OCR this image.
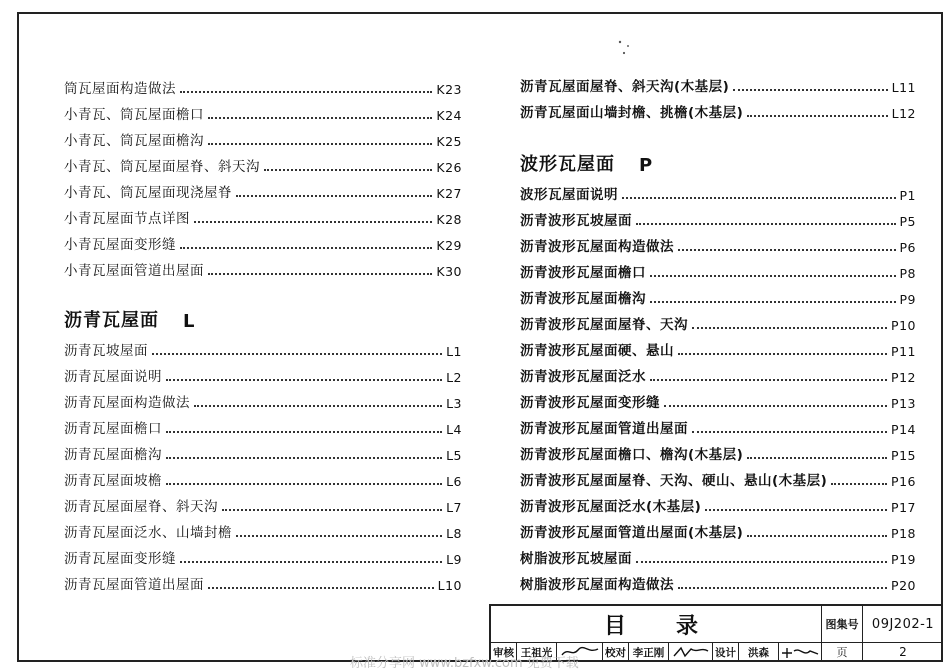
筒瓦屋面构造做法	K23
小青瓦、筒瓦屋面檐口	K24
小青瓦、筒瓦屋面檐沟	K25
小青瓦、筒瓦屋面屋脊、斜天沟	K26
小青瓦、筒瓦屋面现浇屋脊	K27
小青瓦屋面节点详图	K28
小青瓦屋面变形缝	K29
小青瓦屋面管道出屋面	K30
沥青瓦屋面 L
沥青瓦坡屋面	L1
沥青瓦屋面说明	L2
沥青瓦屋面构造做法	L3
沥青瓦屋面檐口	L4
沥青瓦屋面檐沟	L5
沥青瓦屋面坡檐	L6
沥青瓦屋面屋脊、斜天沟	L7
沥青瓦屋面泛水、山墙封檐	L8
沥青瓦屋面变形缝	L9
沥青瓦屋面管道出屋面	L10
沥青瓦屋面屋脊、斜天沟(木基层)	L11
沥青瓦屋面山墙封檐、挑檐(木基层)	L12
波形瓦屋面 P
波形瓦屋面说明	P1
沥青波形瓦坡屋面	P5
沥青波形瓦屋面构造做法	P6
沥青波形瓦屋面檐口	P8
沥青波形瓦屋面檐沟	P9
沥青波形瓦屋面屋脊、天沟	P10
沥青波形瓦屋面硬、悬山	P11
沥青波形瓦屋面泛水	P12
沥青波形瓦屋面变形缝	P13
沥青波形瓦屋面管道出屋面	P14
沥青波形瓦屋面檐口、檐沟(木基层)	P15
沥青波形瓦屋面屋脊、天沟、硬山、悬山(木基层)	P16
沥青波形瓦屋面泛水(木基层)	P17
沥青波形瓦屋面管道出屋面(木基层)	P18
树脂波形瓦坡屋面	P19
树脂波形瓦屋面构造做法	P20
目录	图集号	09J202-1
审核 王祖光	校对 李正刚	设计	洪森	页	2
标准分享网 www.bzfxw.com 免费下载
